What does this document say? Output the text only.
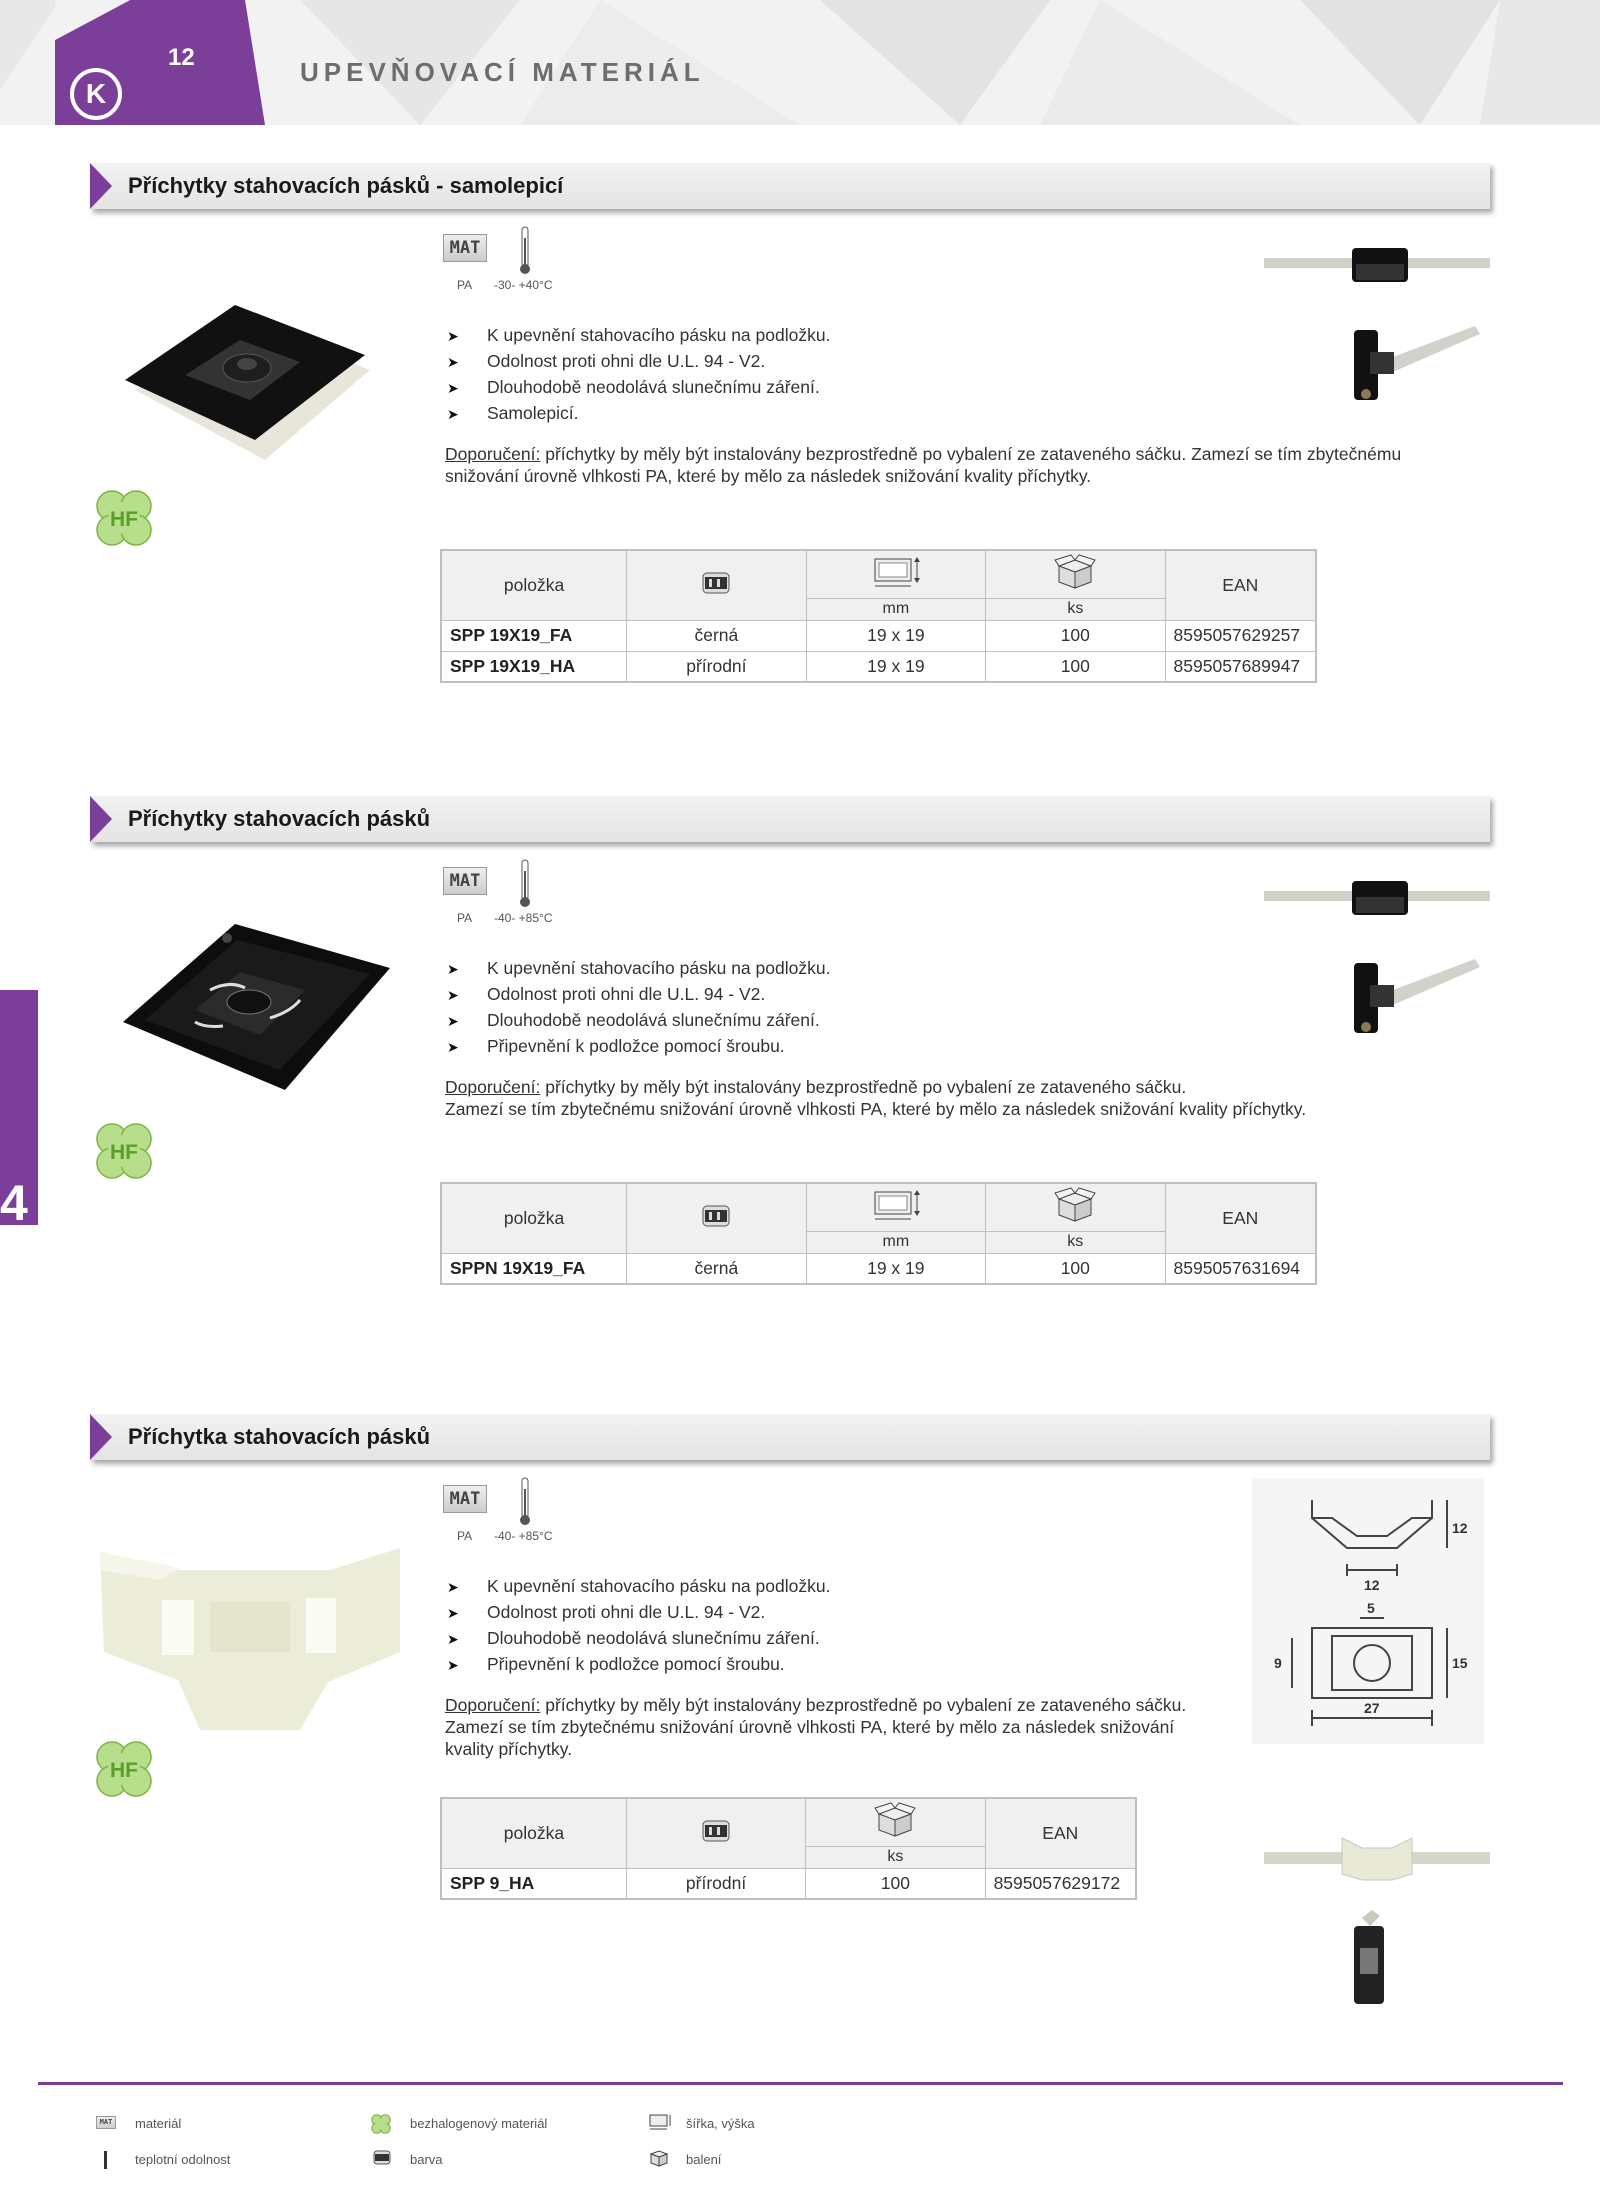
12
K
UPEVŇOVACÍ MATERIÁL
4
Příchytky stahovacích pásků - samolepicí
MAT
PA -30- +40°C
➤ K upevnění stahovacího pásku na podložku.
➤ Odolnost proti ohni dle U.L. 94 - V2.
➤ Dlouhodobě neodolává slunečnímu záření.
➤ Samolepicí.
Doporučení: příchytky by měly být instalovány bezprostředně po vybalení ze zataveného sáčku. Zamezí se tím zbytečnému
snižování úrovně vlhkosti PA, které by mělo za následek snižování kvality příchytky.
HF
položka				EAN
		mm	ks	
SPP 19X19_FA	černá	19 x 19	100	8595057629257
SPP 19X19_HA	přírodní	19 x 19	100	8595057689947
Příchytky stahovacích pásků
MAT
PA -40- +85°C
➤ K upevnění stahovacího pásku na podložku.
➤ Odolnost proti ohni dle U.L. 94 - V2.
➤ Dlouhodobě neodolává slunečnímu záření.
➤ Připevnění k podložce pomocí šroubu.
Doporučení: příchytky by měly být instalovány bezprostředně po vybalení ze zataveného sáčku.
Zamezí se tím zbytečnému snižování úrovně vlhkosti PA, které by mělo za následek snižování kvality příchytky.
HF
položka				EAN
		mm	ks	
SPPN 19X19_FA	černá	19 x 19	100	8595057631694
Příchytka stahovacích pásků
MAT
PA -40- +85°C
➤ K upevnění stahovacího pásku na podložku.
➤ Odolnost proti ohni dle U.L. 94 - V2.
➤ Dlouhodobě neodolává slunečnímu záření.
➤ Připevnění k podložce pomocí šroubu.
Doporučení: příchytky by měly být instalovány bezprostředně po vybalení ze zataveného sáčku.
Zamezí se tím zbytečnému snižování úrovně vlhkosti PA, které by mělo za následek snižování
kvality příchytky.
HF
položka			EAN
		ks	
SPP 9_HA	přírodní	100	8595057629172
12
12
5
9	15
27
MAT materiál
teplotní odolnost
bezhalogenový materiál
barva
šířka, výška
balení
